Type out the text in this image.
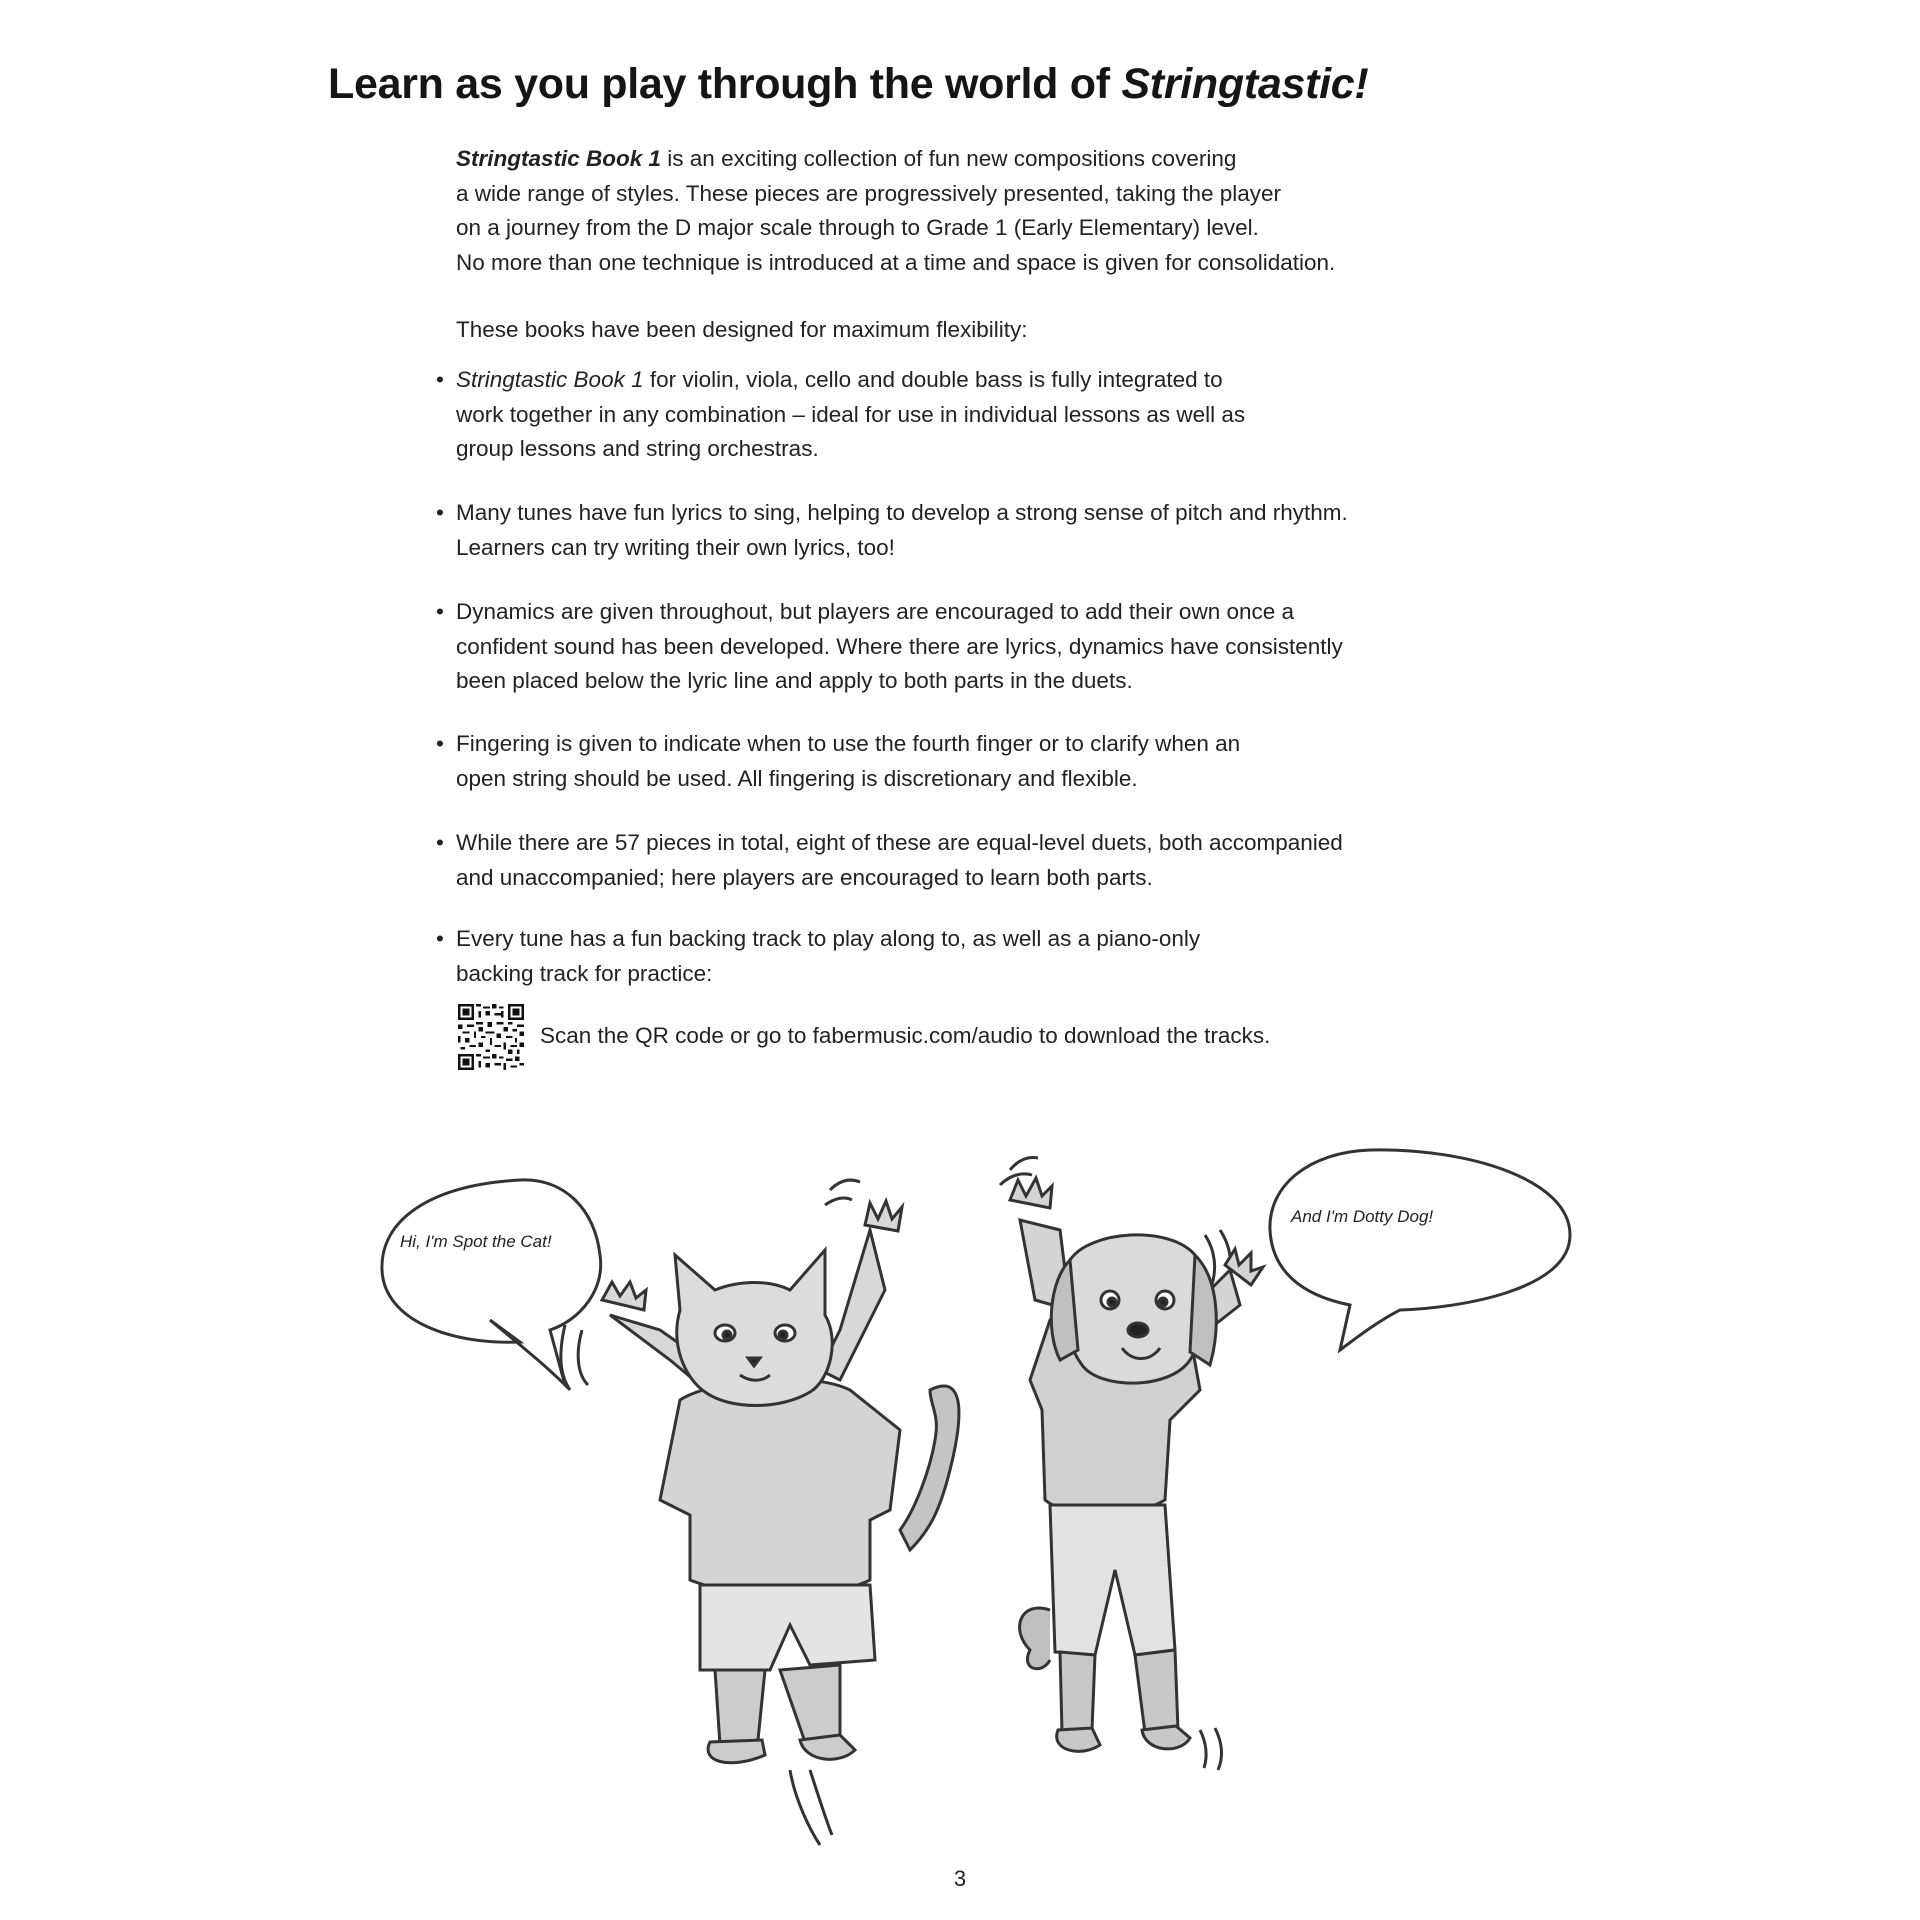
Learn as you play through the world of Stringtastic!
Stringtastic Book 1 is an exciting collection of fun new compositions covering
a wide range of styles. These pieces are progressively presented, taking the player
on a journey from the D major scale through to Grade 1 (Early Elementary) level.
No more than one technique is introduced at a time and space is given for consolidation.
These books have been designed for maximum flexibility:
• Stringtastic Book 1 for violin, viola, cello and double bass is fully integrated to
work together in any combination – ideal for use in individual lessons as well as
group lessons and string orchestras.
• Many tunes have fun lyrics to sing, helping to develop a strong sense of pitch and rhythm.
Learners can try writing their own lyrics, too!
• Dynamics are given throughout, but players are encouraged to add their own once a
confident sound has been developed. Where there are lyrics, dynamics have consistently
been placed below the lyric line and apply to both parts in the duets.
• Fingering is given to indicate when to use the fourth finger or to clarify when an
open string should be used. All fingering is discretionary and flexible.
• While there are 57 pieces in total, eight of these are equal-level duets, both accompanied
and unaccompanied; here players are encouraged to learn both parts.
• Every tune has a fun backing track to play along to, as well as a piano-only
backing track for practice:
Scan the QR code or go to fabermusic.com/audio to download the tracks.
Hi, I'm Spot the Cat!
And I'm Dotty Dog!
3
